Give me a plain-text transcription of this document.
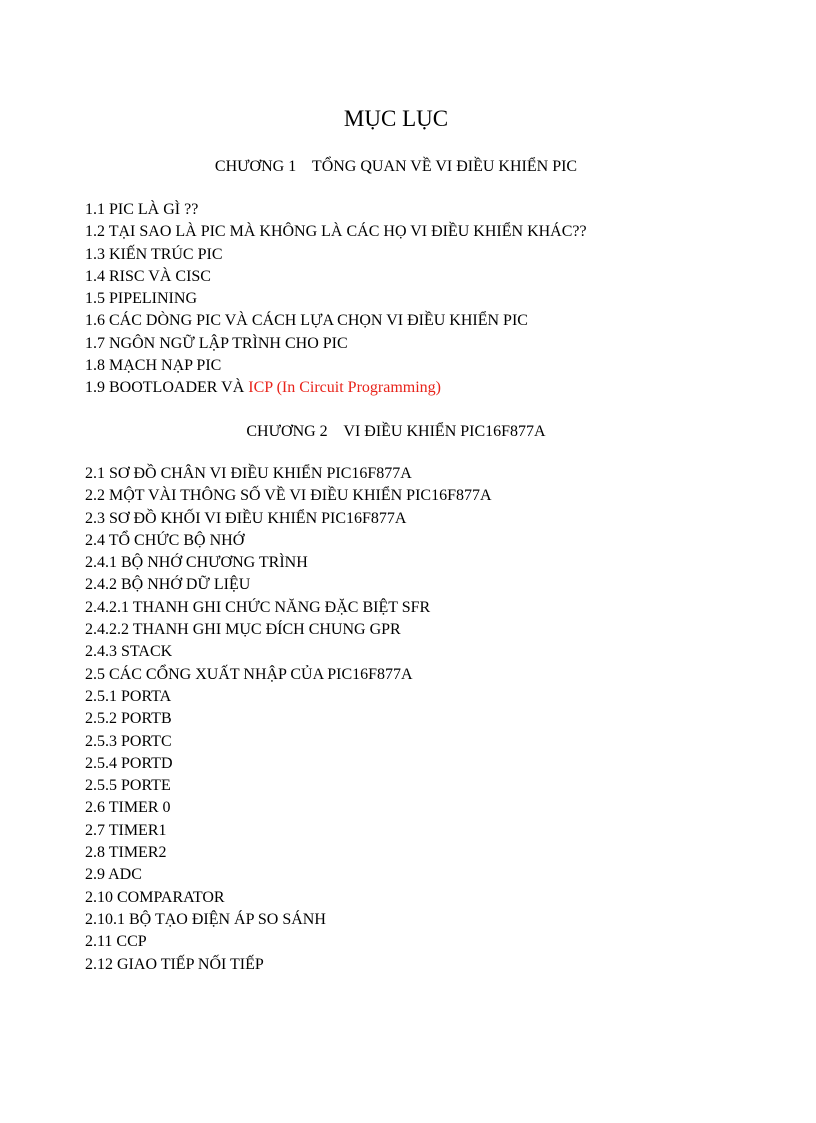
MỤC LỤC
CHƯƠNG 1    TỔNG QUAN VỀ VI ĐIỀU KHIỂN PIC
1.1 PIC LÀ GÌ ??
1.2 TẠI SAO LÀ PIC MÀ KHÔNG LÀ CÁC HỌ VI ĐIỀU KHIỂN KHÁC??
1.3 KIẾN TRÚC PIC
1.4 RISC VÀ CISC
1.5 PIPELINING
1.6 CÁC DÒNG PIC VÀ CÁCH LỰA CHỌN VI ĐIỀU KHIỂN PIC
1.7 NGÔN NGỮ LẬP TRÌNH CHO PIC
1.8 MẠCH NẠP PIC
1.9 BOOTLOADER VÀ ICP (In Circuit Programming)
CHƯƠNG 2    VI ĐIỀU KHIỂN PIC16F877A
2.1 SƠ ĐỒ CHÂN VI ĐIỀU KHIỂN PIC16F877A
2.2 MỘT VÀI THÔNG SỐ VỀ VI ĐIỀU KHIỂN PIC16F877A
2.3 SƠ ĐỒ KHỐI VI ĐIỀU KHIỂN PIC16F877A
2.4 TỔ CHỨC BỘ NHỚ
2.4.1 BỘ NHỚ CHƯƠNG TRÌNH
2.4.2 BỘ NHỚ DỮ LIỆU
2.4.2.1 THANH GHI CHỨC NĂNG ĐẶC BIỆT SFR
2.4.2.2 THANH GHI MỤC ĐÍCH CHUNG GPR
2.4.3 STACK
2.5 CÁC CỔNG XUẤT NHẬP CỦA PIC16F877A
2.5.1 PORTA
2.5.2 PORTB
2.5.3 PORTC
2.5.4 PORTD
2.5.5 PORTE
2.6 TIMER 0
2.7 TIMER1
2.8 TIMER2
2.9 ADC
2.10 COMPARATOR
2.10.1 BỘ TẠO ĐIỆN ÁP SO SÁNH
2.11 CCP
2.12 GIAO TIẾP NỐI TIẾP
